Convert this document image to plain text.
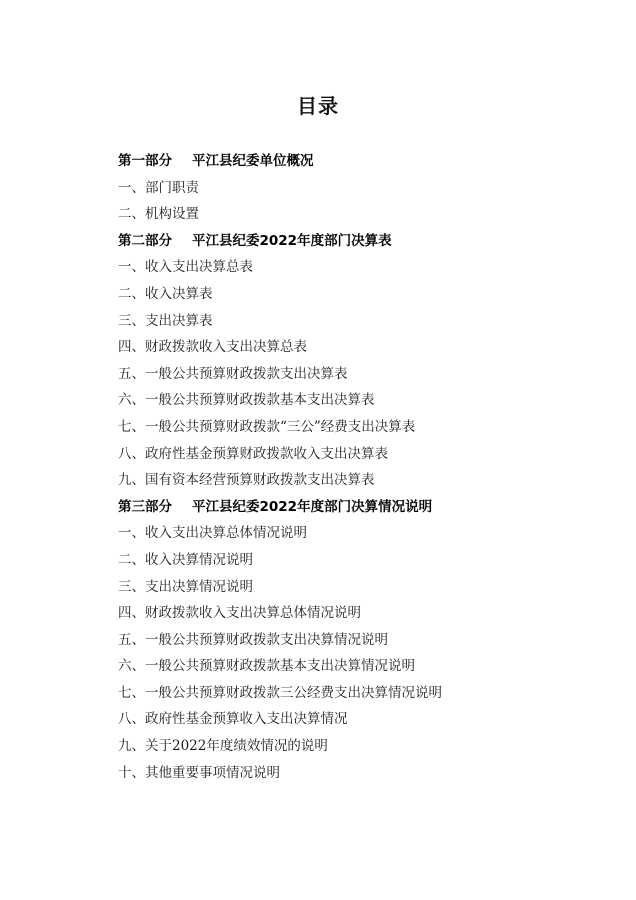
目录
第一部分 平江县纪委单位概况
一、部门职责
二、机构设置
第二部分 平江县纪委2022年度部门决算表
一、收入支出决算总表
二、收入决算表
三、支出决算表
四、财政拨款收入支出决算总表
五、一般公共预算财政拨款支出决算表
六、一般公共预算财政拨款基本支出决算表
七、一般公共预算财政拨款“三公”经费支出决算表
八、政府性基金预算财政拨款收入支出决算表
九、国有资本经营预算财政拨款支出决算表
第三部分 平江县纪委2022年度部门决算情况说明
一、收入支出决算总体情况说明
二、收入决算情况说明
三、支出决算情况说明
四、财政拨款收入支出决算总体情况说明
五、一般公共预算财政拨款支出决算情况说明
六、一般公共预算财政拨款基本支出决算情况说明
七、一般公共预算财政拨款三公经费支出决算情况说明
八、政府性基金预算收入支出决算情况
九、关于2022年度绩效情况的说明
十、其他重要事项情况说明
